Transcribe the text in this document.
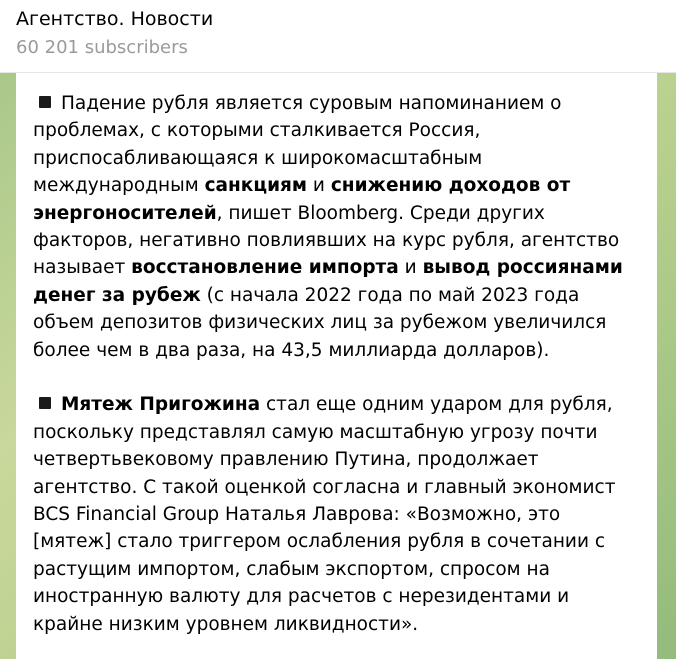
Агентство. Новости
60 201 subscribers

Падение рубля является суровым напоминанием о проблемах, с которыми сталкивается Россия, приспосабливающаяся к широкомасштабным международным санкциям и снижению доходов от энергоносителей, пишет Bloomberg. Среди других факторов, негативно повлиявших на курс рубля, агентство называет восстановление импорта и вывод россиянами денег за рубеж (с начала 2022 года по май 2023 года объем депозитов физических лиц за рубежом увеличился более чем в два раза, на 43,5 миллиарда долларов).

Мятеж Пригожина стал еще одним ударом для рубля, поскольку представлял самую масштабную угрозу почти четвертьвековому правлению Путина, продолжает агентство. С такой оценкой согласна и главный экономист BCS Financial Group Наталья Лаврова: «Возможно, это [мятеж] стало триггером ослабления рубля в сочетании с растущим импортом, слабым экспортом, спросом на иностранную валюту для расчетов с нерезидентами и крайне низким уровнем ликвидности».
